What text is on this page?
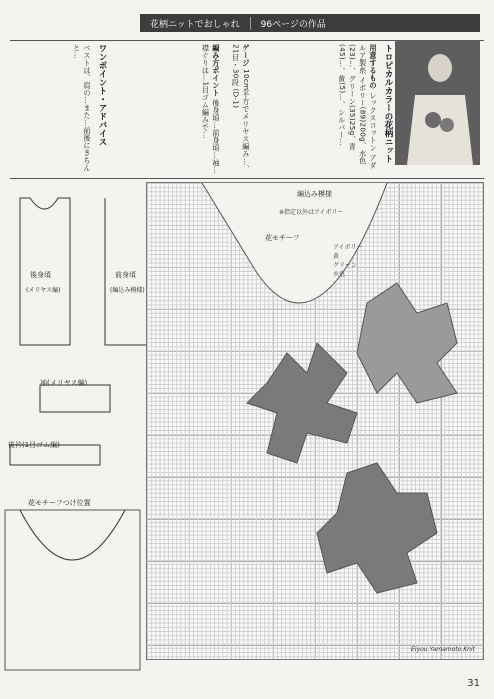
花柄ニットでおしゃれ	96ページの作品
トロピカルカラーの花柄ニット
用意するもの レックスコットン アダルア製糸 イボリー(89)200g、水色(23)…、グリーン(35)25g、青(45)…、黄(5)…、シルバー…
ゲージ 10cm平方でメリヤス編み…、21目・30段 (D-1)
編み方ポイント 後身頃…前身頃…袖…襟ぐりは…1目ゴム編みで…
ワンポイント・アドバイス
ベストは、肩の…また…前後にきちんと…
後身頃
(メリヤス編)
前身頃
(編込み模様)
袖(メリヤス編)
後衿(1目ゴム編)
花モチーフつけ位置
編込み模様
※指定以外はアイボリー
花モチーフ
アイボリー
黄
グリーン
水色
Eiyou Yamamoto Knit
31
